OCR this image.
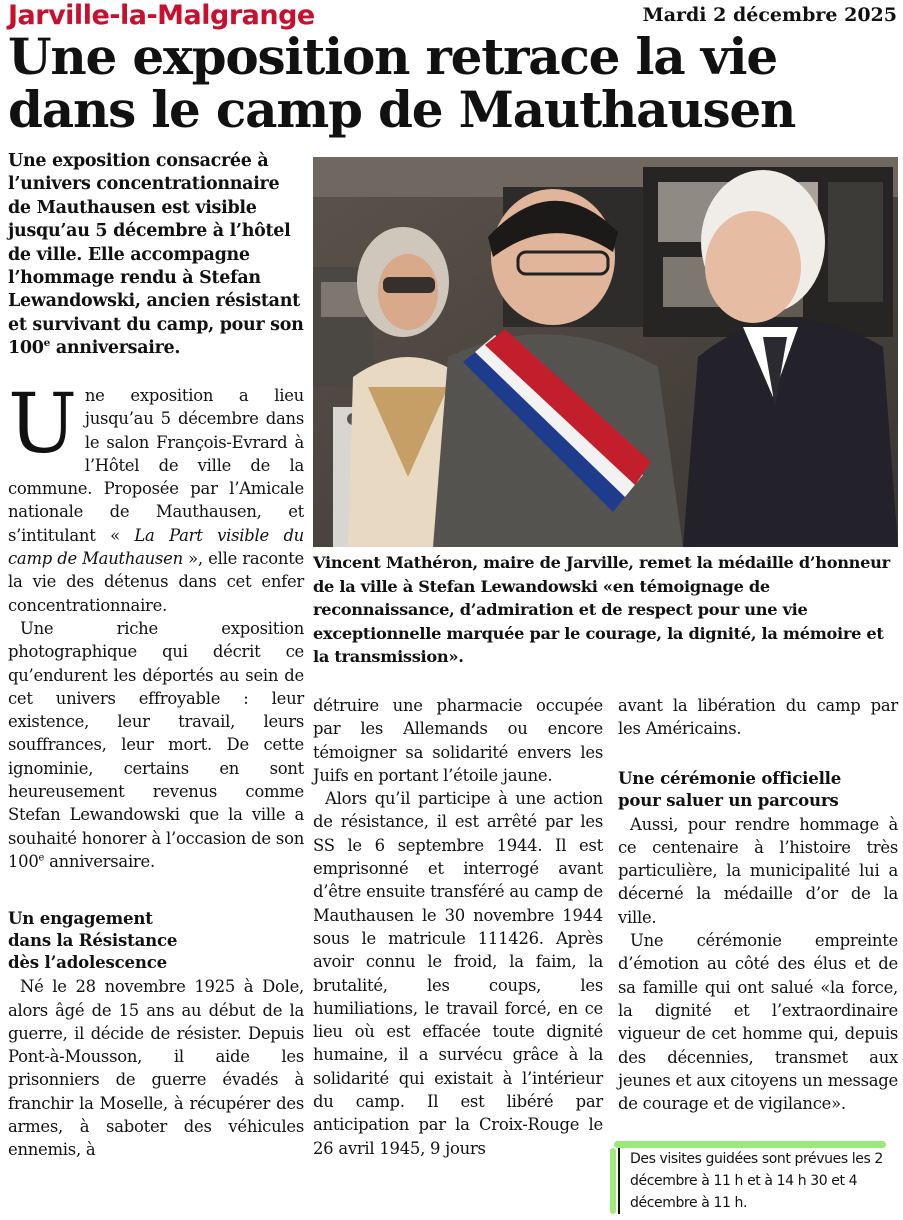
Jarville-la-Malgrange	Mardi 2 décembre 2025
Une exposition retrace la vie
dans le camp de Mauthausen

Une exposition consacrée à l’univers concentrationnaire de Mauthausen est visible jusqu’au 5 décembre à l’hôtel de ville. Elle accompagne l’hommage rendu à Stefan Lewandowski, ancien résistant et survivant du camp, pour son 100e anniversaire.

Vincent Mathéron, maire de Jarville, remet la médaille d’honneur de la ville à Stefan Lewandowski «en témoignage de reconnaissance, d’admiration et de respect pour une vie exceptionnelle marquée par le courage, la dignité, la mémoire et la transmission».

Une exposition a lieu jusqu’au 5 décembre dans le salon François-Evrard à l’Hôtel de ville de la commune. Proposée par l’Amicale nationale de Mauthausen, et s’intitulant « La Part visible du camp de Mauthausen », elle raconte la vie des détenus dans cet enfer concentrationnaire.

Une riche exposition photographique qui décrit ce qu’endurent les déportés au sein de cet univers effroyable : leur existence, leur travail, leurs souffrances, leur mort. De cette ignominie, certains en sont heureusement revenus comme Stefan Lewandowski que la ville a souhaité honorer à l’occasion de son 100e anniversaire.

Un engagement
dans la Résistance
dès l’adolescence

Né le 28 novembre 1925 à Dole, alors âgé de 15 ans au début de la guerre, il décide de résister. Depuis Pont-à-Mousson, il aide les prisonniers de guerre évadés à franchir la Moselle, à récupérer des armes, à saboter des véhicules ennemis, à

détruire une pharmacie occupée par les Allemands ou encore témoigner sa solidarité envers les Juifs en portant l’étoile jaune.

Alors qu’il participe à une action de résistance, il est arrêté par les SS le 6 septembre 1944. Il est emprisonné et interrogé avant d’être ensuite transféré au camp de Mauthausen le 30 novembre 1944 sous le matricule 111426. Après avoir connu le froid, la faim, la brutalité, les coups, les humiliations, le travail forcé, en ce lieu où est effacée toute dignité humaine, il a survécu grâce à la solidarité qui existait à l’intérieur du camp. Il est libéré par anticipation par la Croix-Rouge le 26 avril 1945, 9 jours

avant la libération du camp par les Américains.

Une cérémonie officielle
pour saluer un parcours

Aussi, pour rendre hommage à ce centenaire à l’histoire très particulière, la municipalité lui a décerné la médaille d’or de la ville.

Une cérémonie empreinte d’émotion au côté des élus et de sa famille qui ont salué «la force, la dignité et l’extraordinaire vigueur de cet homme qui, depuis des décennies, transmet aux jeunes et aux citoyens un message de courage et de vigilance».

Des visites guidées sont prévues les 2 décembre à 11 h et à 14 h 30 et 4 décembre à 11 h.
